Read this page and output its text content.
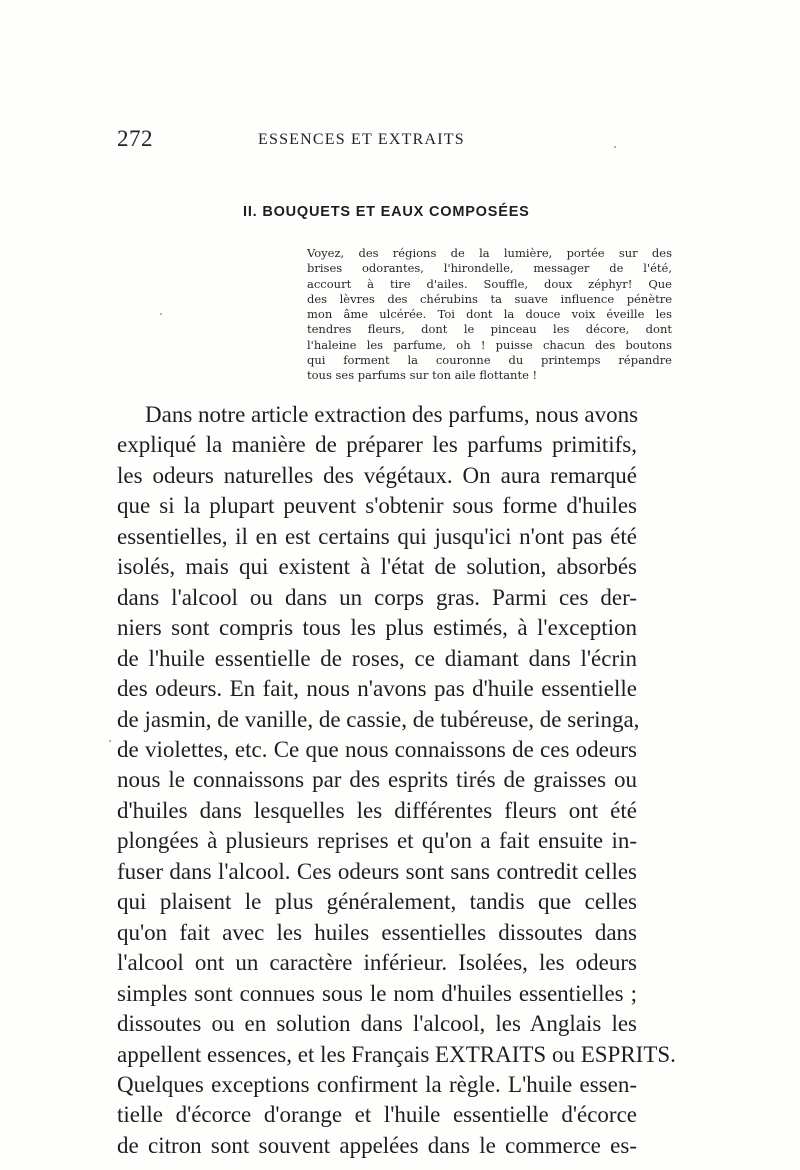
272	ESSENCES ET EXTRAITS
II. BOUQUETS ET EAUX COMPOSÉES
Voyez, des régions de la lumière, portée sur des
brises odorantes, l'hirondelle, messager de l'été,
accourt à tire d'ailes. Souffle, doux zéphyr! Que
des lèvres des chérubins ta suave influence pénètre
mon âme ulcérée. Toi dont la douce voix éveille les
tendres fleurs, dont le pinceau les décore, dont
l'haleine les parfume, oh ! puisse chacun des boutons
qui forment la couronne du printemps répandre
tous ses parfums sur ton aile flottante !
Dans notre article extraction des parfums, nous avons
expliqué la manière de préparer les parfums primitifs,
les odeurs naturelles des végétaux. On aura remarqué
que si la plupart peuvent s'obtenir sous forme d'huiles
essentielles, il en est certains qui jusqu'ici n'ont pas été
isolés, mais qui existent à l'état de solution, absorbés
dans l'alcool ou dans un corps gras. Parmi ces der-
niers sont compris tous les plus estimés, à l'exception
de l'huile essentielle de roses, ce diamant dans l'écrin
des odeurs. En fait, nous n'avons pas d'huile essentielle
de jasmin, de vanille, de cassie, de tubéreuse, de seringa,
de violettes, etc. Ce que nous connaissons de ces odeurs
nous le connaissons par des esprits tirés de graisses ou
d'huiles dans lesquelles les différentes fleurs ont été
plongées à plusieurs reprises et qu'on a fait ensuite in-
fuser dans l'alcool. Ces odeurs sont sans contredit celles
qui plaisent le plus généralement, tandis que celles
qu'on fait avec les huiles essentielles dissoutes dans
l'alcool ont un caractère inférieur. Isolées, les odeurs
simples sont connues sous le nom d'huiles essentielles ;
dissoutes ou en solution dans l'alcool, les Anglais les
appellent essences, et les Français EXTRAITS ou ESPRITS.
Quelques exceptions confirment la règle. L'huile essen-
tielle d'écorce d'orange et l'huile essentielle d'écorce
de citron sont souvent appelées dans le commerce es-
